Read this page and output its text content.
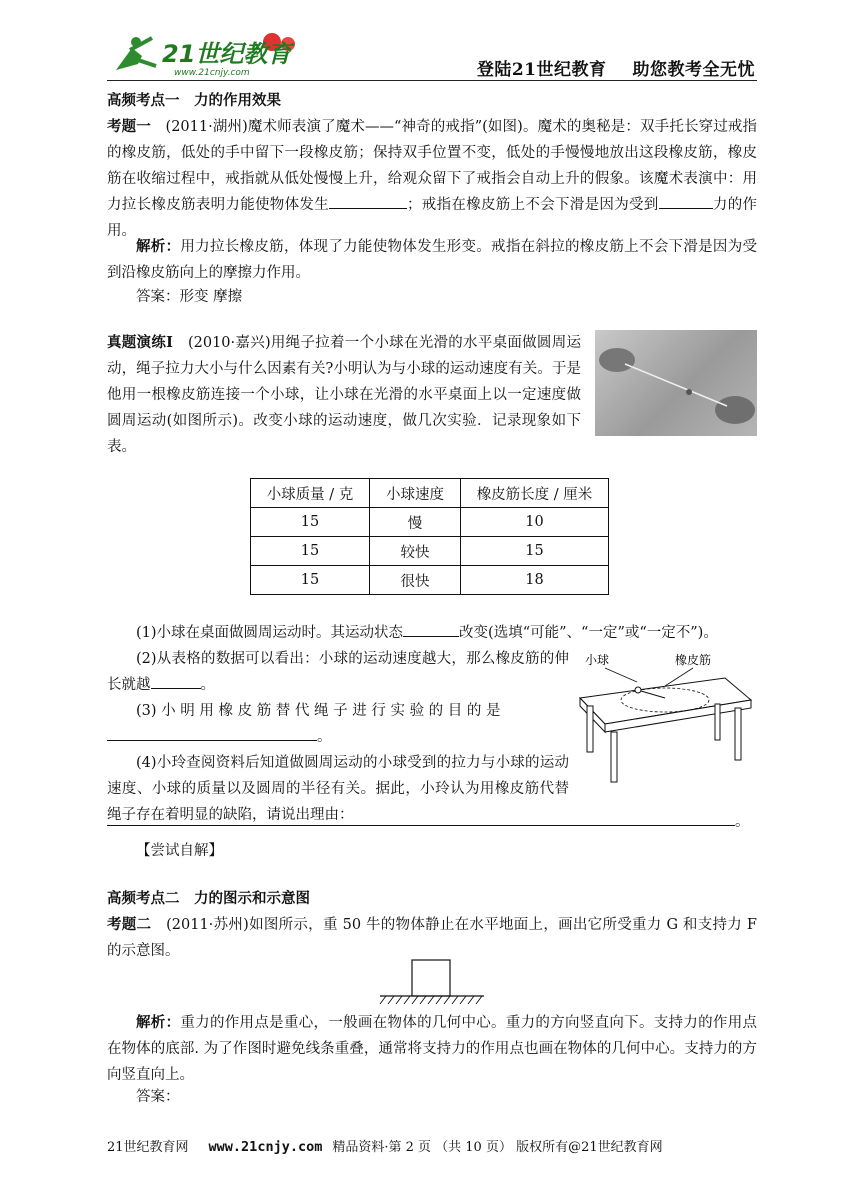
21世纪教育
www.21cnjy.com	登陆21世纪教育 助您教考全无忧
高频考点一　力的作用效果
考题一　(2011·湖州)魔术师表演了魔术——“神奇的戒指”(如图)。魔术的奥秘是：双手托长穿过戒指的橡皮筋，低处的手中留下一段橡皮筋；保持双手位置不变，低处的手慢慢地放出这段橡皮筋，橡皮筋在收缩过程中，戒指就从低处慢慢上升，给观众留下了戒指会自动上升的假象。该魔术表演中：用力拉长橡皮筋表明力能使物体发生	；戒指在橡皮筋上不会下滑是因为受到	力的作用。
解析：用力拉长橡皮筋，体现了力能使物体发生形变。戒指在斜拉的橡皮筋上不会下滑是因为受到沿橡皮筋向上的摩擦力作用。
答案：形变 摩擦
真题演练Ⅰ　(2010·嘉兴)用绳子拉着一个小球在光滑的水平桌面做圆周运动，绳子拉力大小与什么因素有关?小明认为与小球的运动速度有关。于是他用一根橡皮筋连接一个小球，让小球在光滑的水平桌面上以一定速度做圆周运动(如图所示)。改变小球的运动速度，做几次实验．记录现象如下表。
小球质量 / 克	小球速度	橡皮筋长度 / 厘米
15	慢	10
15	较快	15
15	很快	18
(1)小球在桌面做圆周运动时。其运动状态	改变(选填“可能”、“一定”或“一定不”)。
(2)从表格的数据可以看出：小球的运动速度越大，那么橡皮筋的伸长就越	。
(3) 小 明 用 橡 皮 筋 替 代 绳 子 进 行 实 验 的 目 的 是
。
(4)小玲查阅资料后知道做圆周运动的小球受到的拉力与小球的运动速度、小球的质量以及圆周的半径有关。据此，小玲认为用橡皮筋代替绳子存在着明显的缺陷，请说出理由：	。
【尝试自解】
小球	橡皮筋
高频考点二　力的图示和示意图
考题二　(2011·苏州)如图所示，重 50 牛的物体静止在水平地面上，画出它所受重力 G 和支持力 F 的示意图。
解析：重力的作用点是重心，一般画在物体的几何中心。重力的方向竖直向下。支持力的作用点在物体的底部. 为了作图时避免线条重叠，通常将支持力的作用点也画在物体的几何中心。支持力的方向竖直向上。
答案：
21世纪教育网 www.21cnjy.com 精品资料·第 2 页 （共 10 页） 版权所有@21世纪教育网
